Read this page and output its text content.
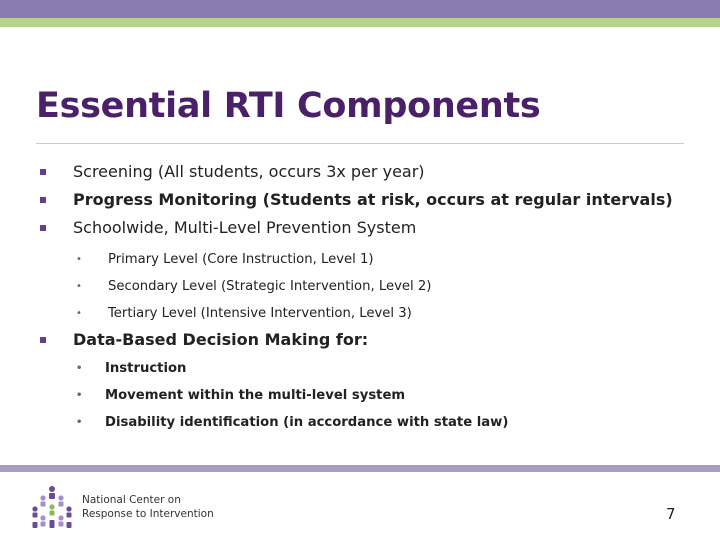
Essential RTI Components
Screening (All students, occurs 3x per year)
Progress Monitoring (Students at risk, occurs at regular intervals)
Schoolwide, Multi-Level Prevention System
• Primary Level (Core Instruction, Level 1)
• Secondary Level (Strategic Intervention, Level 2)
• Tertiary Level (Intensive Intervention, Level 3)
Data-Based Decision Making for:
• Instruction
• Movement within the multi-level system
• Disability identification (in accordance with state law)
National Center on
Response to Intervention	7
